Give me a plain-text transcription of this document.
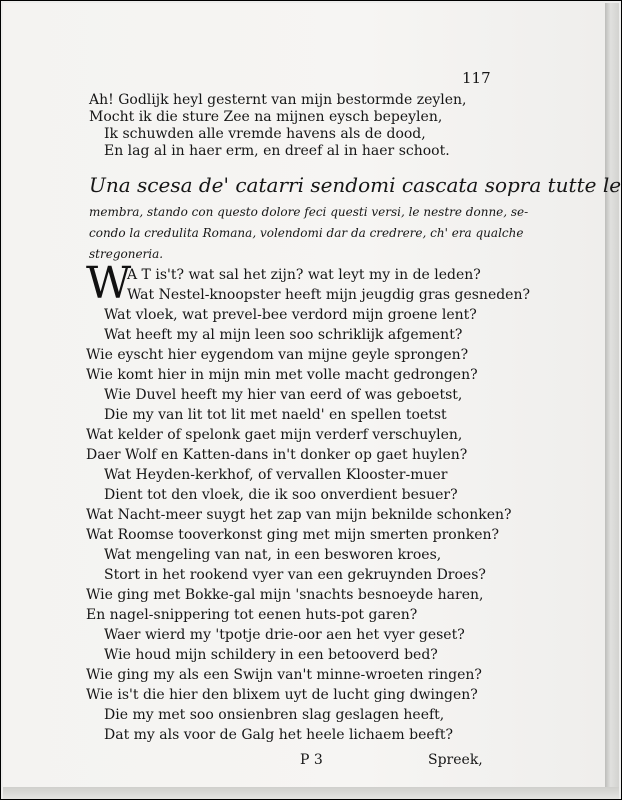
117
Ah! Godlijk heyl gesternt van mijn bestormde zeylen,
Mocht ik die sture Zee na mijnen eysch bepeylen,
Ik schuwden alle vremde havens als de dood,
En lag al in haer erm, en dreef al in haer schoot.
Una scesa de' catarri sendomi cascata sopra tutte le
membra, stando con questo dolore feci questi versi, le nestre donne, se-
condo la credulita Romana, volendomi dar da credrere, ch' era qualche
stregoneria.
W
A T is't? wat sal het zijn? wat leyt my in de leden?
Wat Nestel-knoopster heeft mijn jeugdig gras gesneden?
Wat vloek, wat prevel-bee verdord mijn groene lent?
Wat heeft my al mijn leen soo schriklijk afgement?
Wie eyscht hier eygendom van mijne geyle sprongen?
Wie komt hier in mijn min met volle macht gedrongen?
Wie Duvel heeft my hier van eerd of was geboetst,
Die my van lit tot lit met naeld' en spellen toetst
Wat kelder of spelonk gaet mijn verderf verschuylen,
Daer Wolf en Katten-dans in't donker op gaet huylen?
Wat Heyden-kerkhof, of vervallen Klooster-muer
Dient tot den vloek, die ik soo onverdient besuer?
Wat Nacht-meer suygt het zap van mijn beknilde schonken?
Wat Roomse tooverkonst ging met mijn smerten pronken?
Wat mengeling van nat, in een besworen kroes,
Stort in het rookend vyer van een gekruynden Droes?
Wie ging met Bokke-gal mijn 'snachts besnoeyde haren,
En nagel-snippering tot eenen huts-pot garen?
Waer wierd my 'tpotje drie-oor aen het vyer geset?
Wie houd mijn schildery in een betooverd bed?
Wie ging my als een Swijn van't minne-wroeten ringen?
Wie is't die hier den blixem uyt de lucht ging dwingen?
Die my met soo onsienbren slag geslagen heeft,
Dat my als voor de Galg het heele lichaem beeft?
P 3	Spreek,
